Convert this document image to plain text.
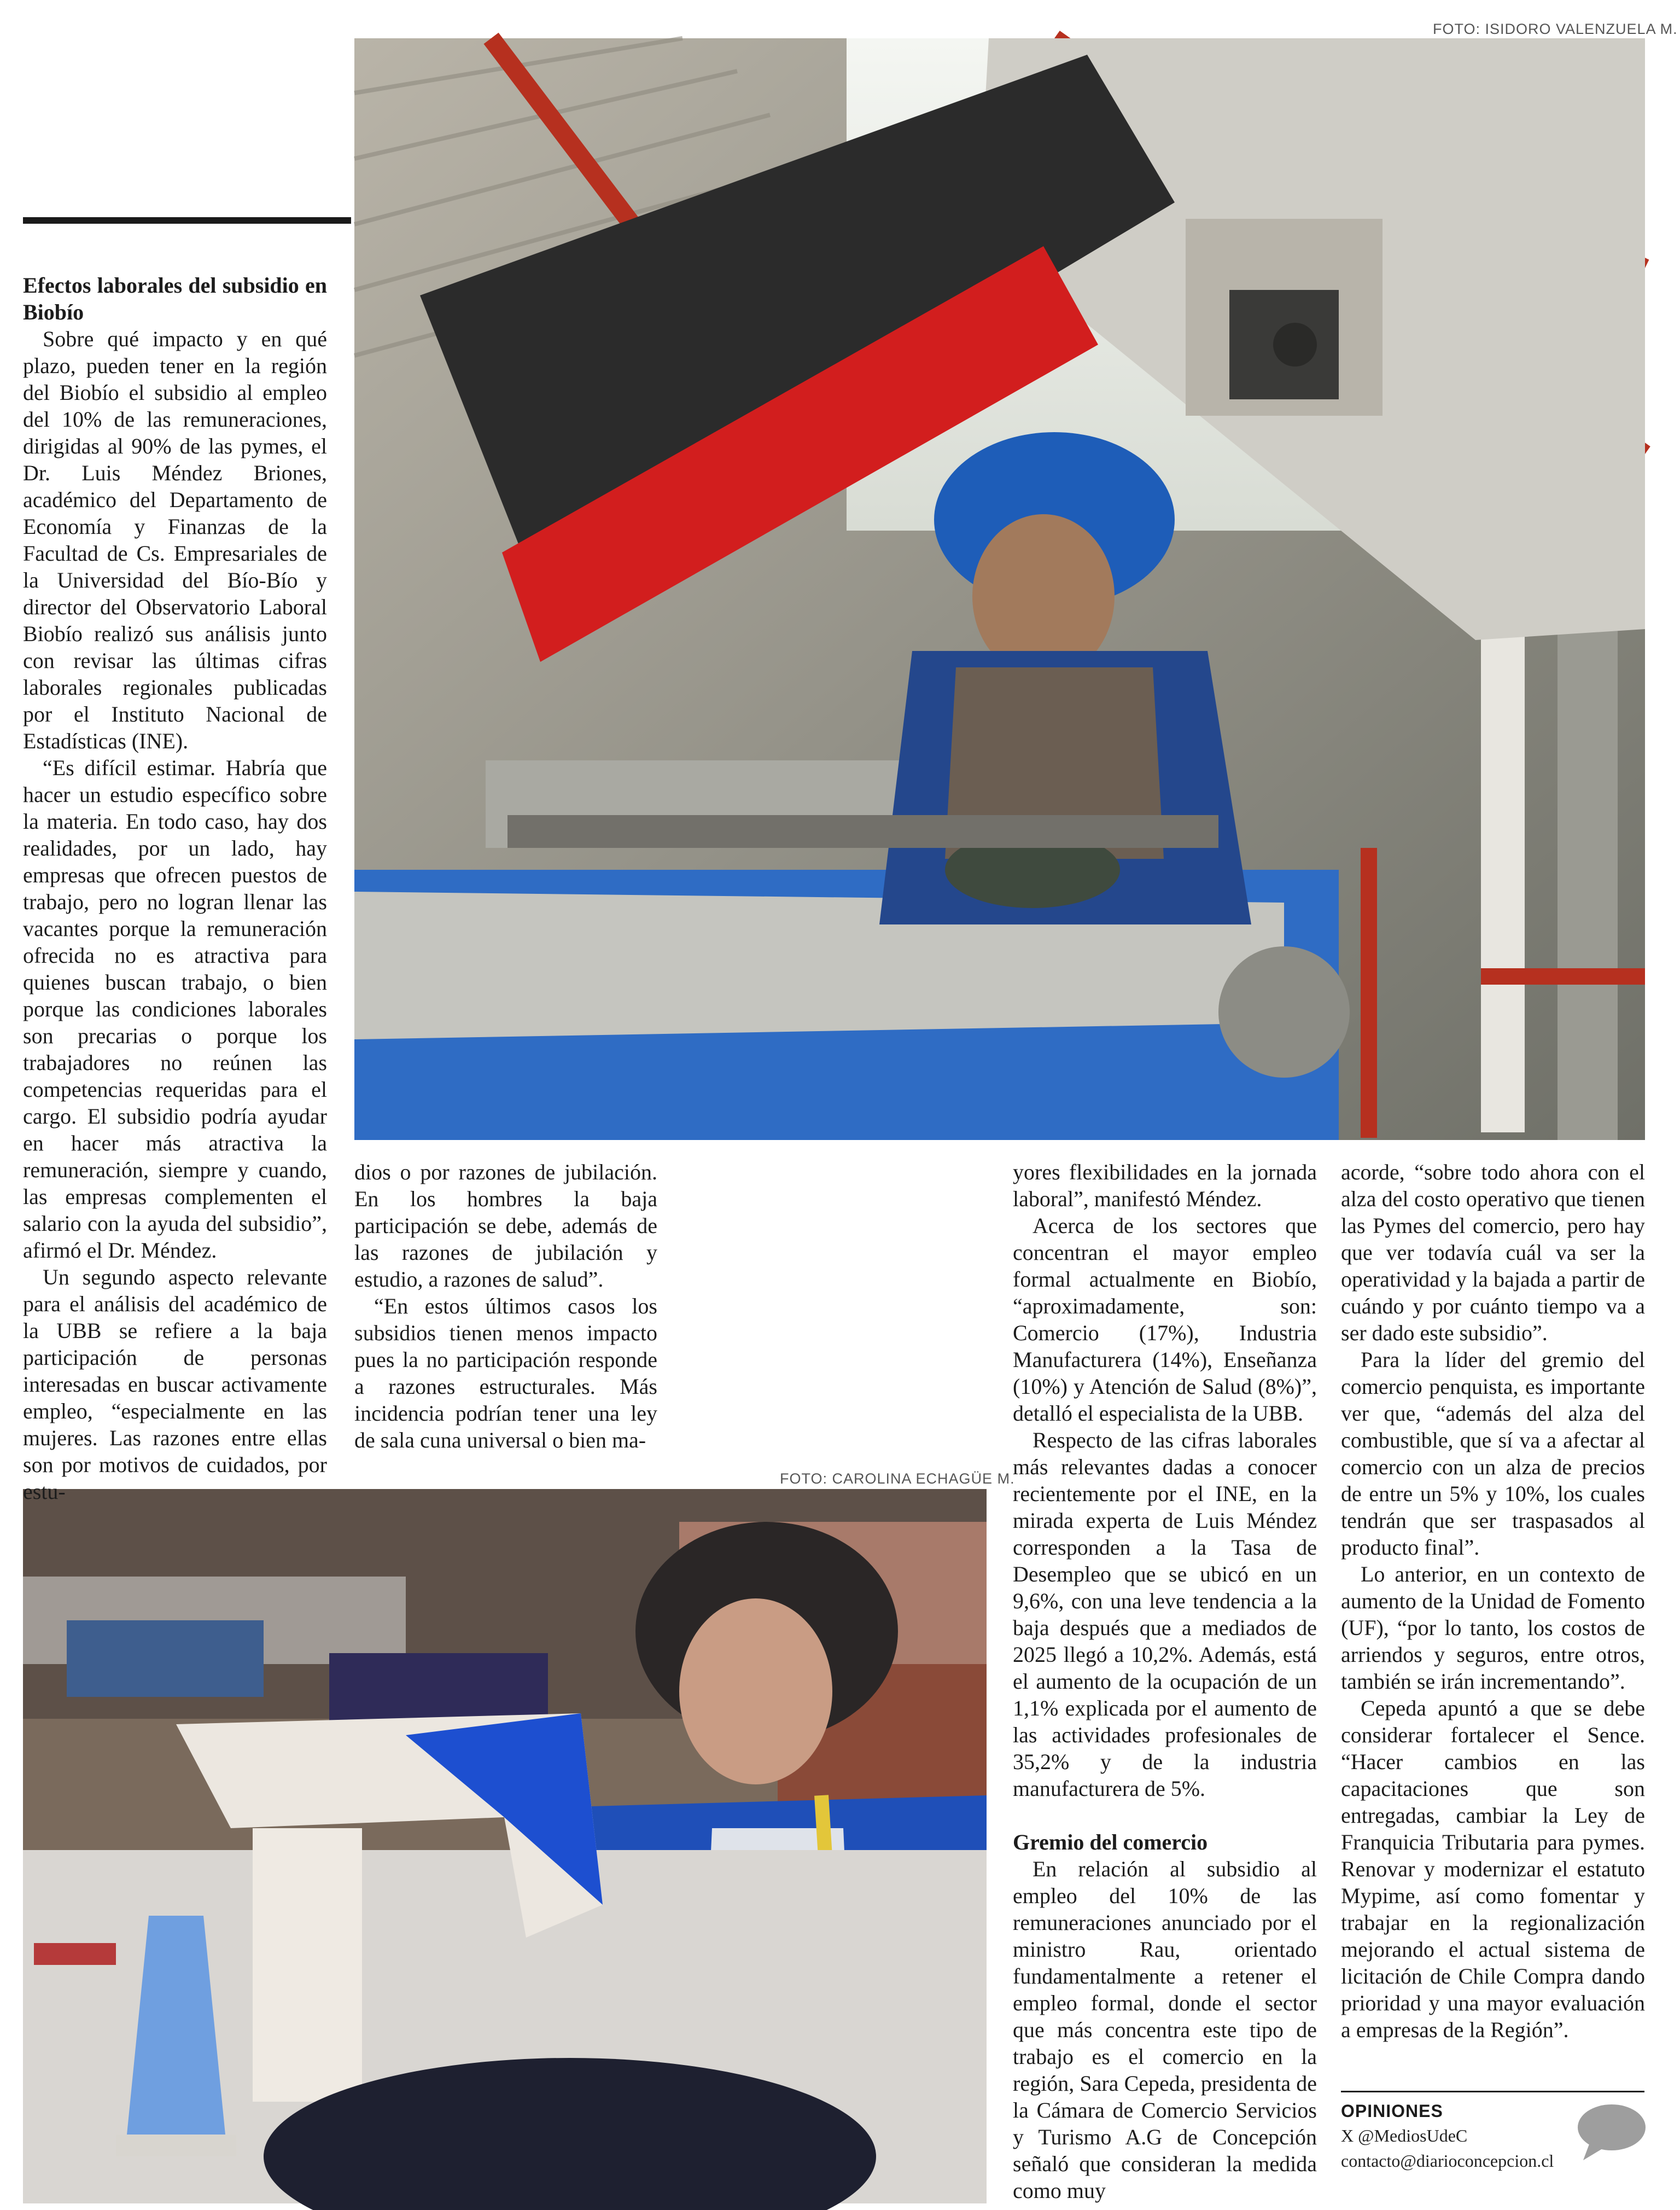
FOTO: ISIDORO VALENZUELA M.
FOTO: CAROLINA ECHAGÜE M.
Efectos laborales del subsidio en Biobío

Sobre qué impacto y en qué plazo, pueden tener en la región del Biobío el subsidio al empleo del 10% de las remuneraciones, dirigidas al 90% de las pymes, el Dr. Luis Méndez Briones, académico del Departamento de Economía y Finanzas de la Facultad de Cs. Empresariales de la Universidad del Bío-Bío y director del Observatorio Laboral Biobío realizó sus análisis junto con revisar las últimas cifras laborales regionales publicadas por el Instituto Nacional de Estadísticas (INE).

“Es difícil estimar. Habría que hacer un estudio específico sobre la materia. En todo caso, hay dos realidades, por un lado, hay empresas que ofrecen puestos de trabajo, pero no logran llenar las vacantes porque la remuneración ofrecida no es atractiva para quienes buscan trabajo, o bien porque las condiciones laborales son precarias o porque los trabajadores no reúnen las competencias requeridas para el cargo. El subsidio podría ayudar en hacer más atractiva la remuneración, siempre y cuando, las empresas complementen el salario con la ayuda del subsidio”, afirmó el Dr. Méndez.

Un segundo aspecto relevante para el análisis del académico de la UBB se refiere a la baja participación de personas interesadas en buscar activamente empleo, “especialmente en las mujeres. Las razones entre ellas son por motivos de cuidados, por estu-

dios o por razones de jubilación. En los hombres la baja participación se debe, además de las razones de jubilación y estudio, a razones de salud”.

“En estos últimos casos los subsidios tienen menos impacto pues la no participación responde a razones estructurales. Más incidencia podrían tener una ley de sala cuna universal o bien ma-

yores flexibilidades en la jornada laboral”, manifestó Méndez.

Acerca de los sectores que concentran el mayor empleo formal actualmente en Biobío, “aproximadamente, son: Comercio (17%), Industria Manufacturera (14%), Enseñanza (10%) y Atención de Salud (8%)”, detalló el especialista de la UBB.

Respecto de las cifras laborales más relevantes dadas a conocer recientemente por el INE, en la mirada experta de Luis Méndez corresponden a la Tasa de Desempleo que se ubicó en un 9,6%, con una leve tendencia a la baja después que a mediados de 2025 llegó a 10,2%. Además, está el aumento de la ocupación de un 1,1% explicada por el aumento de las actividades profesionales de 35,2% y de la industria manufacturera de 5%.

Gremio del comercio

En relación al subsidio al empleo del 10% de las remuneraciones anunciado por el ministro Rau, orientado fundamentalmente a retener el empleo formal, donde el sector que más concentra este tipo de trabajo es el comercio en la región, Sara Cepeda, presidenta de la Cámara de Comercio Servicios y Turismo A.G de Concepción señaló que consideran la medida como muy

acorde, “sobre todo ahora con el alza del costo operativo que tienen las Pymes del comercio, pero hay que ver todavía cuál va ser la operatividad y la bajada a partir de cuándo y por cuánto tiempo va a ser dado este subsidio”.

Para la líder del gremio del comercio penquista, es importante ver que, “además del alza del combustible, que sí va a afectar al comercio con un alza de precios de entre un 5% y 10%, los cuales tendrán que ser traspasados al producto final”.

Lo anterior, en un contexto de aumento de la Unidad de Fomento (UF), “por lo tanto, los costos de arriendos y seguros, entre otros, también se irán incrementando”.

Cepeda apuntó a que se debe considerar fortalecer el Sence. “Hacer cambios en las capacitaciones que son entregadas, cambiar la Ley de Franquicia Tributaria para pymes. Renovar y modernizar el estatuto Mypime, así como fomentar y trabajar en la regionalización mejorando el actual sistema de licitación de Chile Compra dando prioridad y una mayor evaluación a empresas de la Región”.

OPINIONES
X @MediosUdeC
contacto@diarioconcepcion.cl
